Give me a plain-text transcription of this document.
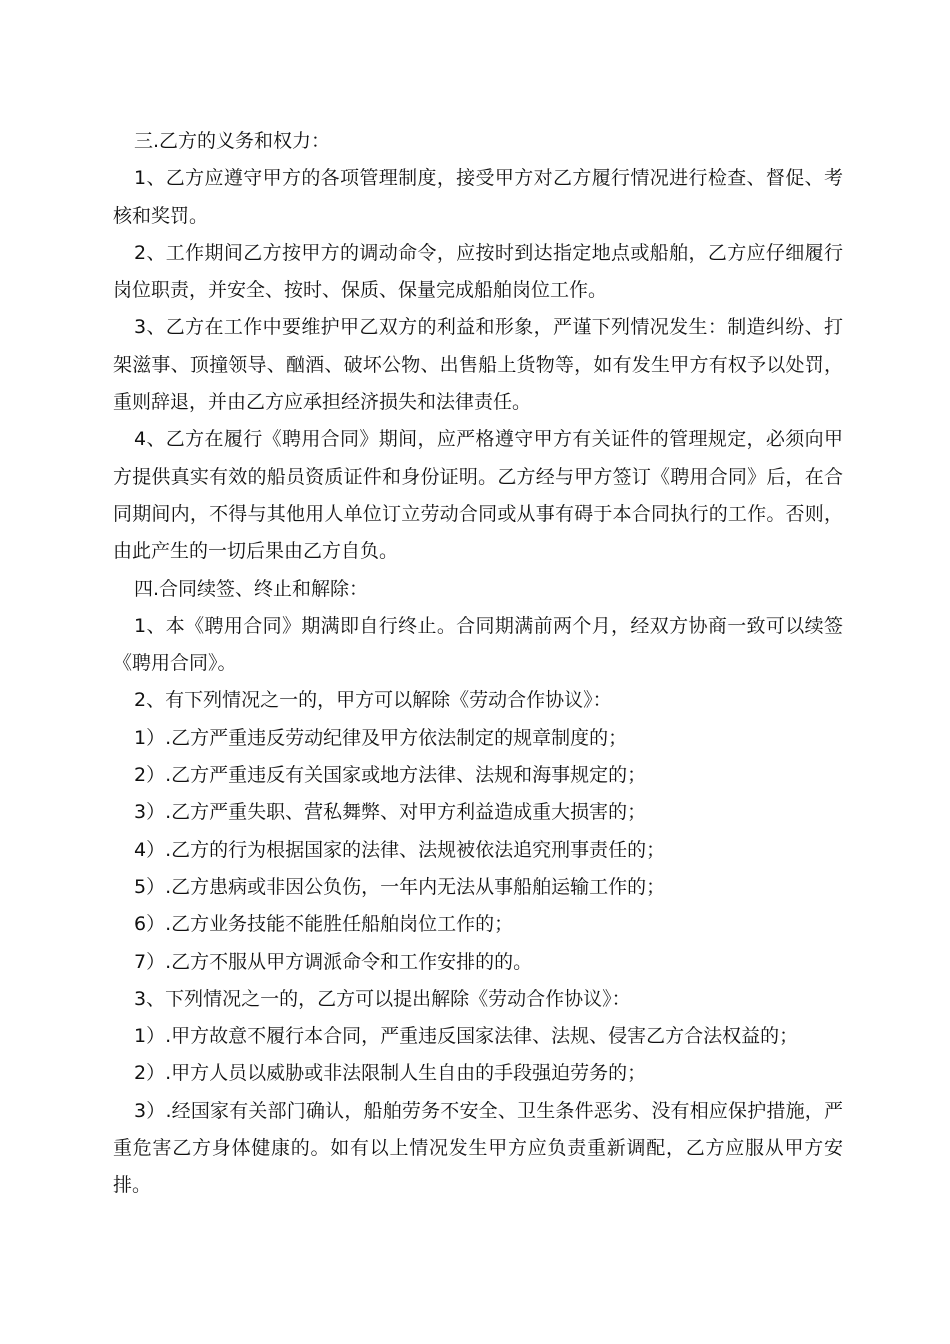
三.乙方的义务和权力：

1、乙方应遵守甲方的各项管理制度，接受甲方对乙方履行情况进行检查、督促、考核和奖罚。

2、工作期间乙方按甲方的调动命令，应按时到达指定地点或船舶，乙方应仔细履行岗位职责，并安全、按时、保质、保量完成船舶岗位工作。

3、乙方在工作中要维护甲乙双方的利益和形象，严谨下列情况发生：制造纠纷、打架滋事、顶撞领导、酗酒、破坏公物、出售船上货物等，如有发生甲方有权予以处罚，重则辞退，并由乙方应承担经济损失和法律责任。

4、乙方在履行《聘用合同》期间，应严格遵守甲方有关证件的管理规定，必须向甲方提供真实有效的船员资质证件和身份证明。乙方经与甲方签订《聘用合同》后，在合同期间内，不得与其他用人单位订立劳动合同或从事有碍于本合同执行的工作。否则，由此产生的一切后果由乙方自负。

四.合同续签、终止和解除：

1、本《聘用合同》期满即自行终止。合同期满前两个月，经双方协商一致可以续签《聘用合同》。

2、有下列情况之一的，甲方可以解除《劳动合作协议》：

1）.乙方严重违反劳动纪律及甲方依法制定的规章制度的；

2）.乙方严重违反有关国家或地方法律、法规和海事规定的；

3）.乙方严重失职、营私舞弊、对甲方利益造成重大损害的；

4）.乙方的行为根据国家的法律、法规被依法追究刑事责任的；

5）.乙方患病或非因公负伤，一年内无法从事船舶运输工作的；

6）.乙方业务技能不能胜任船舶岗位工作的；

7）.乙方不服从甲方调派命令和工作安排的的。

3、下列情况之一的，乙方可以提出解除《劳动合作协议》：

1）.甲方故意不履行本合同，严重违反国家法律、法规、侵害乙方合法权益的；

2）.甲方人员以威胁或非法限制人生自由的手段强迫劳务的；

3）.经国家有关部门确认，船舶劳务不安全、卫生条件恶劣、没有相应保护措施，严重危害乙方身体健康的。如有以上情况发生甲方应负责重新调配，乙方应服从甲方安排。
